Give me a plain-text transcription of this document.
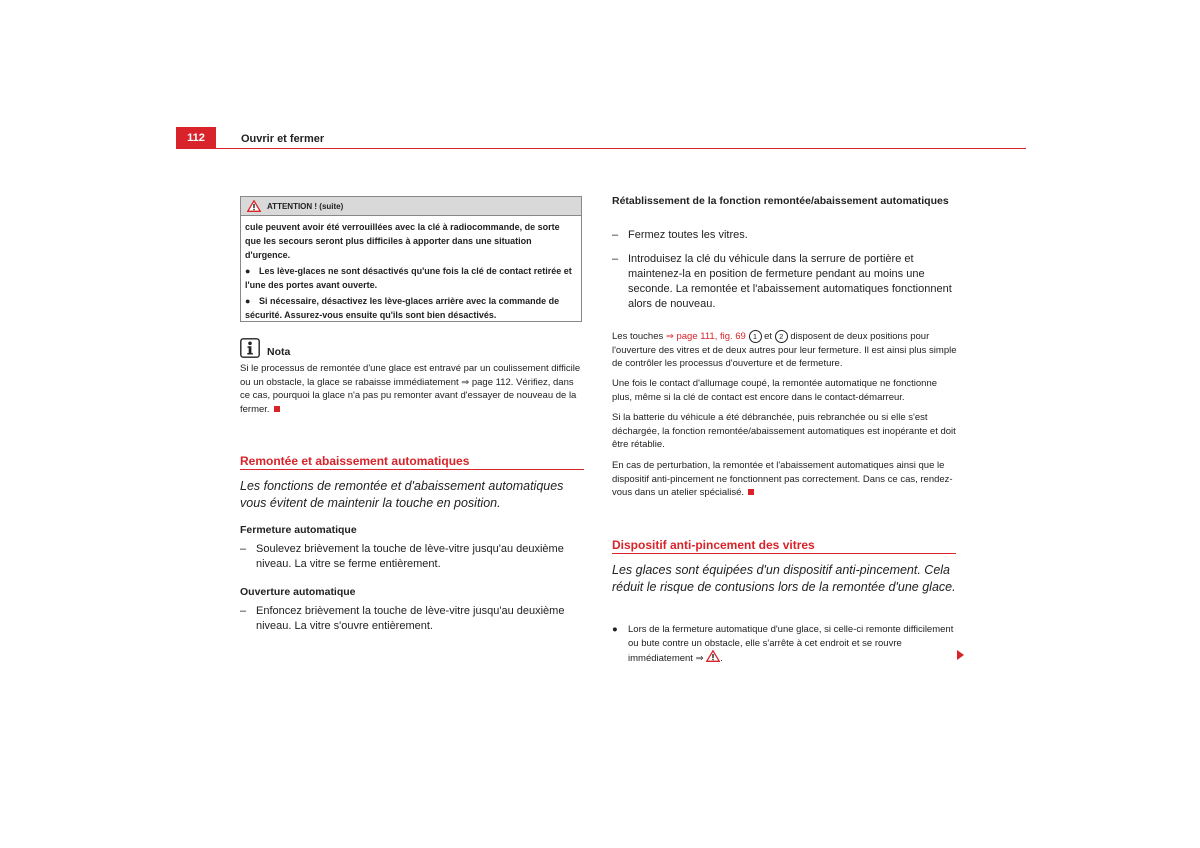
112	Ouvrir et fermer
ATTENTION ! (suite)

cule peuvent avoir été verrouillées avec la clé à radiocommande, de sorte que les secours seront plus difficiles à apporter dans une situation d'urgence.

● Les lève-glaces ne sont désactivés qu'une fois la clé de contact retirée et l'une des portes avant ouverte.

● Si nécessaire, désactivez les lève-glaces arrière avec la commande de sécurité. Assurez-vous ensuite qu'ils sont bien désactivés.

Nota
Si le processus de remontée d'une glace est entravé par un coulissement difficile ou un obstacle, la glace se rabaisse immédiatement ⇒ page 112. Vérifiez, dans ce cas, pourquoi la glace n'a pas pu remonter avant d'essayer de nouveau de la fermer.
Remontée et abaissement automatiques
Les fonctions de remontée et d'abaissement automatiques vous évitent de maintenir la touche en position.
Fermeture automatique
– Soulevez brièvement la touche de lève-vitre jusqu'au deuxième niveau. La vitre se ferme entièrement.
Ouverture automatique
– Enfoncez brièvement la touche de lève-vitre jusqu'au deuxième niveau. La vitre s'ouvre entièrement.
Rétablissement de la fonction remontée/abaissement automatiques
– Fermez toutes les vitres.
– Introduisez la clé du véhicule dans la serrure de portière et maintenez-la en position de fermeture pendant au moins une seconde. La remontée et l'abaissement automatiques fonctionnent alors de nouveau.
Les touches ⇒ page 111, fig. 69 1 et 2 disposent de deux positions pour l'ouverture des vitres et de deux autres pour leur fermeture. Il est ainsi plus simple de contrôler les processus d'ouverture et de fermeture.
Une fois le contact d'allumage coupé, la remontée automatique ne fonctionne plus, même si la clé de contact est encore dans le contact-démarreur.
Si la batterie du véhicule a été débranchée, puis rebranchée ou si elle s'est déchargée, la fonction remontée/abaissement automatiques est inopérante et doit être rétablie.
En cas de perturbation, la remontée et l'abaissement automatiques ainsi que le dispositif anti-pincement ne fonctionnent pas correctement. Dans ce cas, rendez-vous dans un atelier spécialisé.
Dispositif anti-pincement des vitres
Les glaces sont équipées d'un dispositif anti-pincement. Cela réduit le risque de contusions lors de la remontée d'une glace.
●	Lors de la fermeture automatique d'une glace, si celle-ci remonte difficilement ou bute contre un obstacle, elle s'arrête à cet endroit et se rouvre immédiatement ⇒ .
